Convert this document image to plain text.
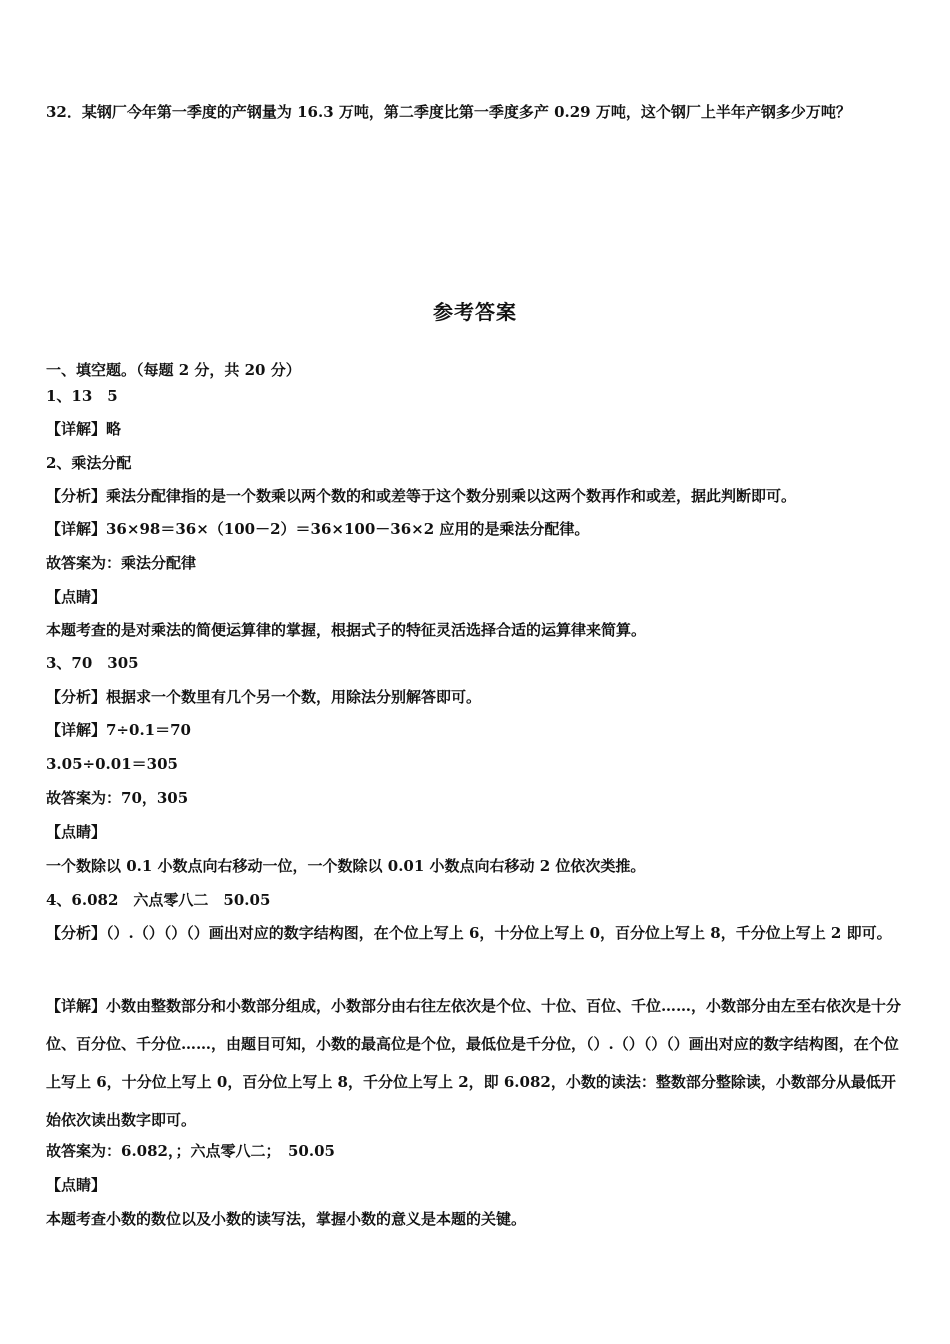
32．某钢厂今年第一季度的产钢量为 16.3 万吨，第二季度比第一季度多产 0.29 万吨，这个钢厂上半年产钢多少万吨？
参考答案
一、填空题。（每题 2 分，共 20 分）
1、13　5
【详解】略
2、乘法分配
【分析】乘法分配律指的是一个数乘以两个数的和或差等于这个数分别乘以这两个数再作和或差，据此判断即可。
【详解】36×98＝36×（100－2）＝36×100－36×2 应用的是乘法分配律。
故答案为：乘法分配律
【点睛】
本题考查的是对乘法的简便运算律的掌握，根据式子的特征灵活选择合适的运算律来简算。
3、70　305
【分析】根据求一个数里有几个另一个数，用除法分别解答即可。
【详解】7÷0.1＝70
3.05÷0.01＝305
故答案为：70，305
【点睛】
一个数除以 0.1 小数点向右移动一位，一个数除以 0.01 小数点向右移动 2 位依次类推。
4、6.082　六点零八二　50.05
【分析】（）.（）（）（）画出对应的数字结构图，在个位上写上 6，十分位上写上 0，百分位上写上 8，千分位上写上 2 即可。
【详解】小数由整数部分和小数部分组成，小数部分由右往左依次是个位、十位、百位、千位……，小数部分由左至右依次是十分位、百分位、千分位……，由题目可知，小数的最高位是个位，最低位是千分位，（）.（）（）（）画出对应的数字结构图，在个位上写上 6，十分位上写上 0，百分位上写上 8，千分位上写上 2，即 6.082，小数的读法：整数部分整除读，小数部分从最低开始依次读出数字即可。
故答案为：6.082，；六点零八二；　50.05
【点睛】
本题考查小数的数位以及小数的读写法，掌握小数的意义是本题的关键。
